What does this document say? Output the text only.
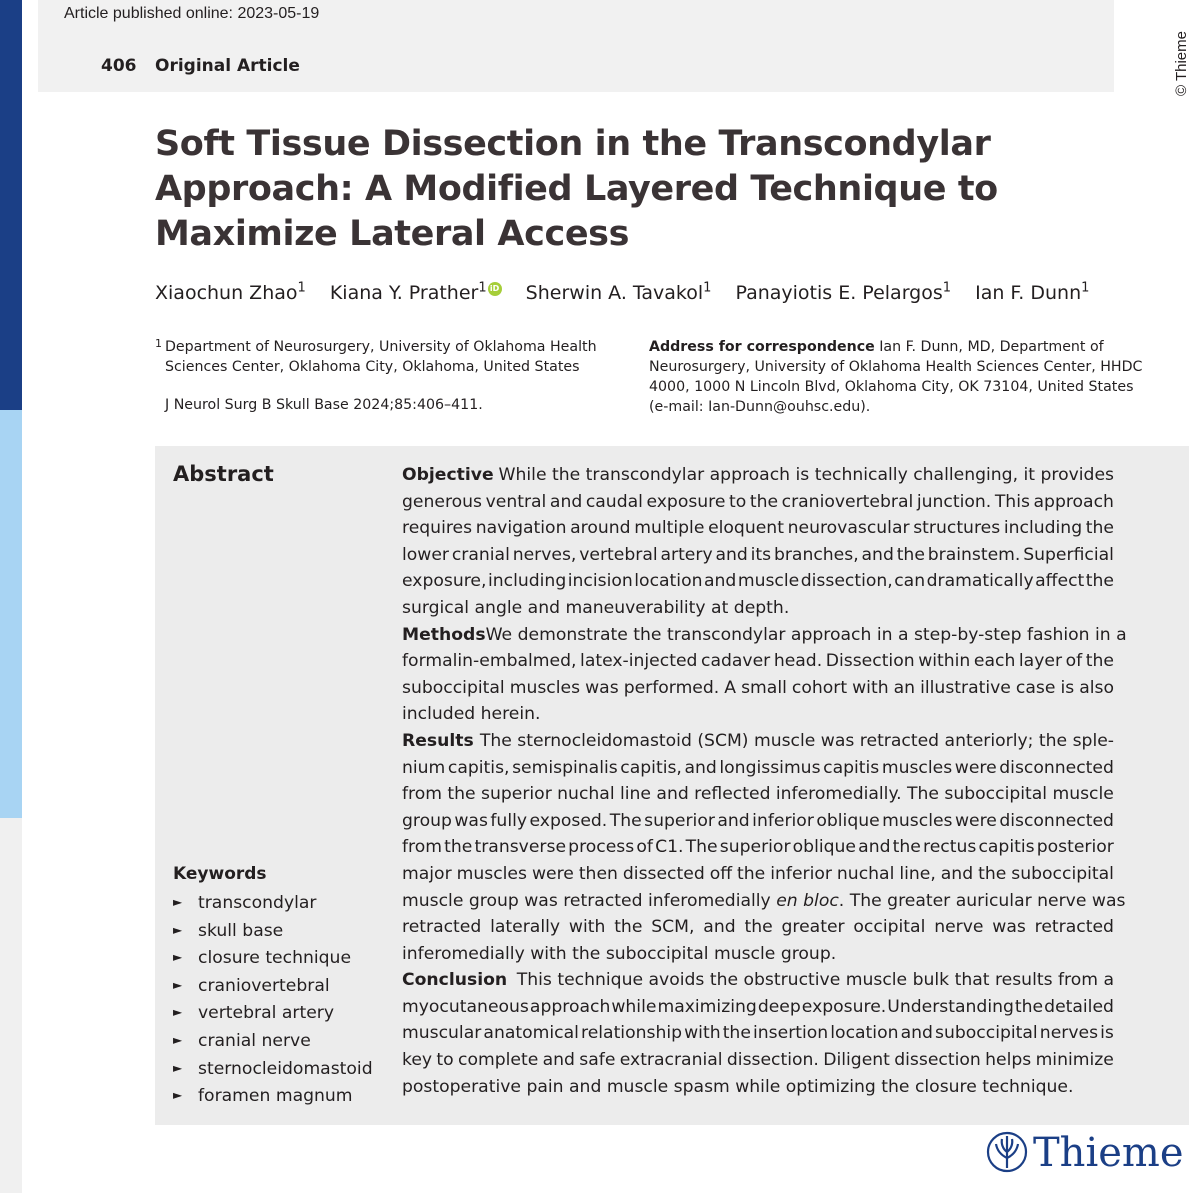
Article published online: 2023-05-19
406 Original Article	© Thieme
Soft Tissue Dissection in the Transcondylar
Approach: A Modified Layered Technique to
Maximize Lateral Access
Xiaochun Zhao$^1$ Kiana Y. Prather$^1$ iD Sherwin A. Tavakol$^1$ Panayiotis E. Pelargos$^1$ Ian F. Dunn$^1$
1 Department of Neurosurgery, University of Oklahoma Health
Sciences Center, Oklahoma City, Oklahoma, United States
J Neurol Surg B Skull Base 2024;85:406–411.
Address for correspondence Ian F. Dunn, MD, Department of
Neurosurgery, University of Oklahoma Health Sciences Center, HHDC
4000, 1000 N Lincoln Blvd, Oklahoma City, OK 73104, United States
(e-mail: Ian-Dunn@ouhsc.edu).
Abstract	Objective While the transcondylar approach is technically challenging, it provides
generous ventral and caudal exposure to the craniovertebral junction. This approach
requires navigation around multiple eloquent neurovascular structures including the
lower cranial nerves, vertebral artery and its branches, and the brainstem. Superficial
exposure, including incision location and muscle dissection, can dramatically affect the
surgical angle and maneuverability at depth.
Methods We demonstrate the transcondylar approach in a step-by-step fashion in a
formalin-embalmed, latex-injected cadaver head. Dissection within each layer of the
suboccipital muscles was performed. A small cohort with an illustrative case is also
included herein.
Results The sternocleidomastoid (SCM) muscle was retracted anteriorly; the sple-
nium capitis, semispinalis capitis, and longissimus capitis muscles were disconnected
from the superior nuchal line and reflected inferomedially. The suboccipital muscle
group was fully exposed. The superior and inferior oblique muscles were disconnected
from the transverse process of C1. The superior oblique and the rectus capitis posterior
major muscles were then dissected off the inferior nuchal line, and the suboccipital
muscle group was retracted inferomedially en bloc. The greater auricular nerve was
retracted laterally with the SCM, and the greater occipital nerve was retracted
inferomedially with the suboccipital muscle group.
Conclusion This technique avoids the obstructive muscle bulk that results from a
myocutaneous approach while maximizing deep exposure. Understanding the detailed
muscular anatomical relationship with the insertion location and suboccipital nerves is
key to complete and safe extracranial dissection. Diligent dissection helps minimize
postoperative pain and muscle spasm while optimizing the closure technique.
Keywords
► transcondylar
► skull base
► closure technique
► craniovertebral
► vertebral artery
► cranial nerve
► sternocleidomastoid
► foramen magnum
Thieme
